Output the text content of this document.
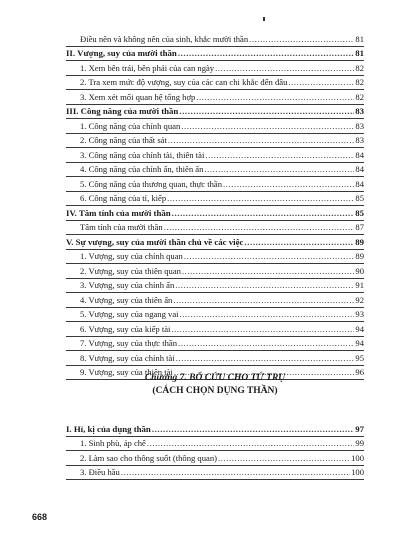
Điều nên và không nên của sinh, khắc mười thần .....	81
II. Vượng, suy của mười thần .....	81
1. Xem bên trái, bên phải của can ngày .....	82
2. Tra xem mức độ vượng, suy của các can chi khắc đến đâu .....	82
3. Xem xét mối quan hệ tổng hợp .....	82
III. Công năng của mười thần .....	83
1. Công năng của chính quan .....	83
2. Công năng của thất sát .....	83
3. Công năng của chính tài, thiên tài .....	84
4. Công năng của chính ấn, thiên ấn .....	84
5. Công năng của thương quan, thực thần .....	84
6. Công năng của tỉ, kiếp .....	85
IV. Tâm tính của mười thần .....	85
Tâm tính của mười thần .....	87
V. Sự vượng, suy của mười thần chủ về các việc .....	89
1. Vượng, suy của chính quan .....	89
2. Vượng, suy của thiên quan .....	90
3. Vượng, suy của chính ấn .....	91
4. Vượng, suy của thiên ấn .....	92
5. Vượng, suy của ngang vai .....	93
6. Vượng, suy của kiếp tài .....	94
7. Vượng, suy của thực thần .....	94
8. Vượng, suy của chính tài .....	95
9. Vượng, suy của thiên tài .....	96
Chương 7. BỔ CỨU CHO TỨ TRỤ
(CÁCH CHỌN DỤNG THẦN)
I. Hỉ, kị của dụng thần .....	97
1. Sinh phù, áp chế .....	99
2. Làm sao cho thông suốt (thông quan) .....	100
3. Điều hầu .....	100
668
